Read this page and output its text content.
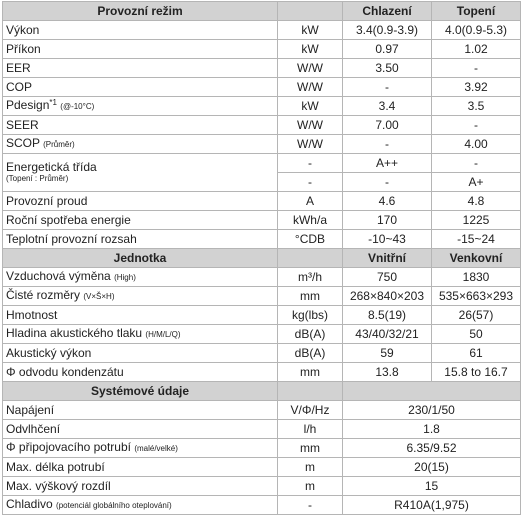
Provozní režim		Chlazení	Topení
Výkon	kW	3.4(0.9-3.9)	4.0(0.9-5.3)
Příkon	kW	0.97	1.02
EER	W/W	3.50	-
COP	W/W	-	3.92
Pdesign$^{*1}$ (@-10°C)	kW	3.4	3.5
SEER	W/W	7.00	-
SCOP (Průměr)	W/W	-	4.00

Energetická třída
(Topení : Průměr)	-	A++	-
	-	-	A+
Provozní proud	A	4.6	4.8
Roční spotřeba energie	kWh/a	170	1225
Teplotní provozní rozsah	°CDB	-10~43	-15~24
Jednotka		Vnitřní	Venkovní
Vzduchová výměna (High)	m³/h	750	1830
Čisté rozměry (V×Š×H)	mm	268×840×203	535×663×293
Hmotnost	kg(lbs)	8.5(19)	26(57)
Hladina akustického tlaku (H/M/L/Q)	dB(A)	43/40/32/21	50
Akustický výkon	dB(A)	59	61
Φ odvodu kondenzátu	mm	13.8	15.8 to 16.7
Systémové údaje			
Napájení	V/Φ/Hz	230/1/50	
Odvlhčení	l/h	1.8	
Φ připojovacího potrubí (malé/velké)	mm	6.35/9.52	
Max. délka potrubí	m	20(15)	
Max. výškový rozdíl	m	15	
Chladivo (potenciál globálního oteplování)	-	R410A(1,975)	
